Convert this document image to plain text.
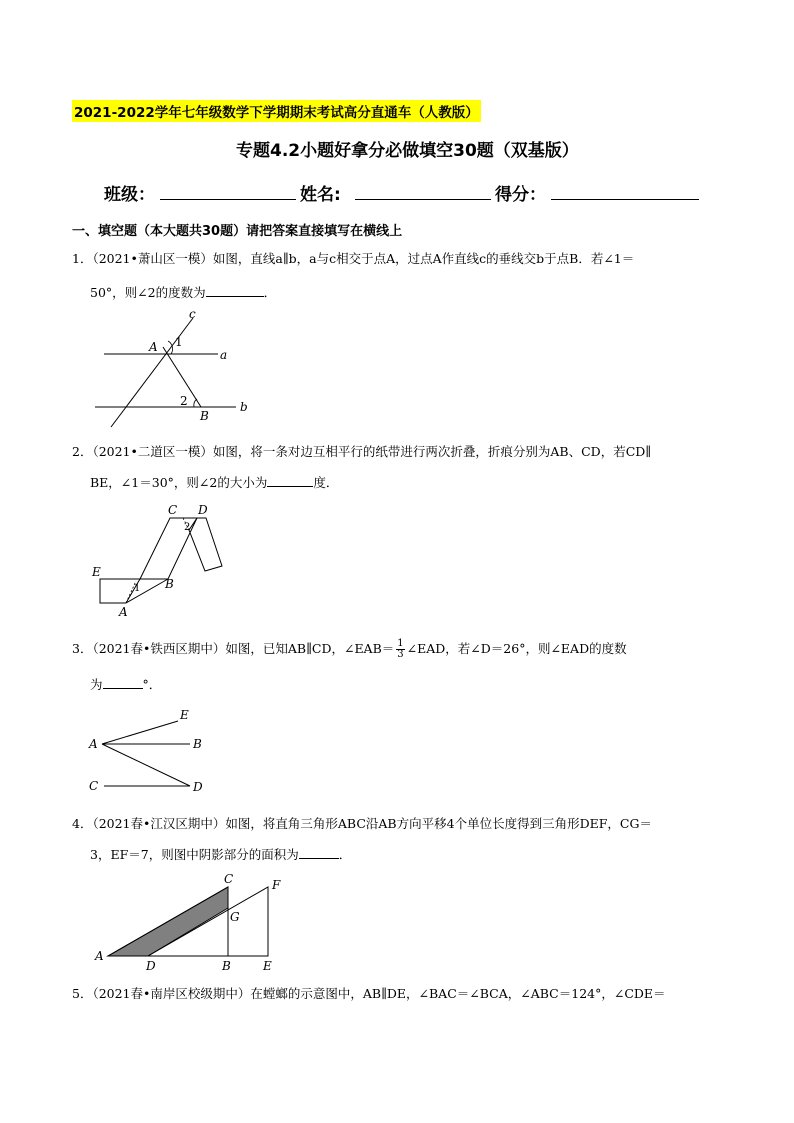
2021-2022学年七年级数学下学期期末考试高分直通车（人教版）
专题4.2小题好拿分必做填空30题（双基版）
班级：	姓名:	得分：
一、填空题（本大题共30题）请把答案直接填写在横线上
1．（2021•萧山区一模）如图，直线a∥b，a与c相交于点A，过点A作直线c的垂线交b于点B．若∠1＝
50°，则∠2的度数为	．
c
a
b
A
B
1
2
2．（2021•二道区一模）如图，将一条对边互相平行的纸带进行两次折叠，折痕分别为AB、CD，若CD∥
BE，∠1＝30°，则∠2的大小为	度．
C D
E
A
B
1
2
3．（2021春•铁西区期中）如图，已知AB∥CD，∠EAB＝ $\frac{1}{3}$ ∠EAD，若∠D＝26°，则∠EAD的度数
为	°．
E
A	B
C	D
4．（2021春•江汉区期中）如图，将直角三角形ABC沿AB方向平移4个单位长度得到三角形DEF，CG＝
3，EF＝7，则图中阴影部分的面积为	．
C	F
G
A
D	B	E
5．（2021春•南岸区校级期中）在螳螂的示意图中，AB∥DE，∠BAC＝∠BCA，∠ABC＝124°，∠CDE＝
